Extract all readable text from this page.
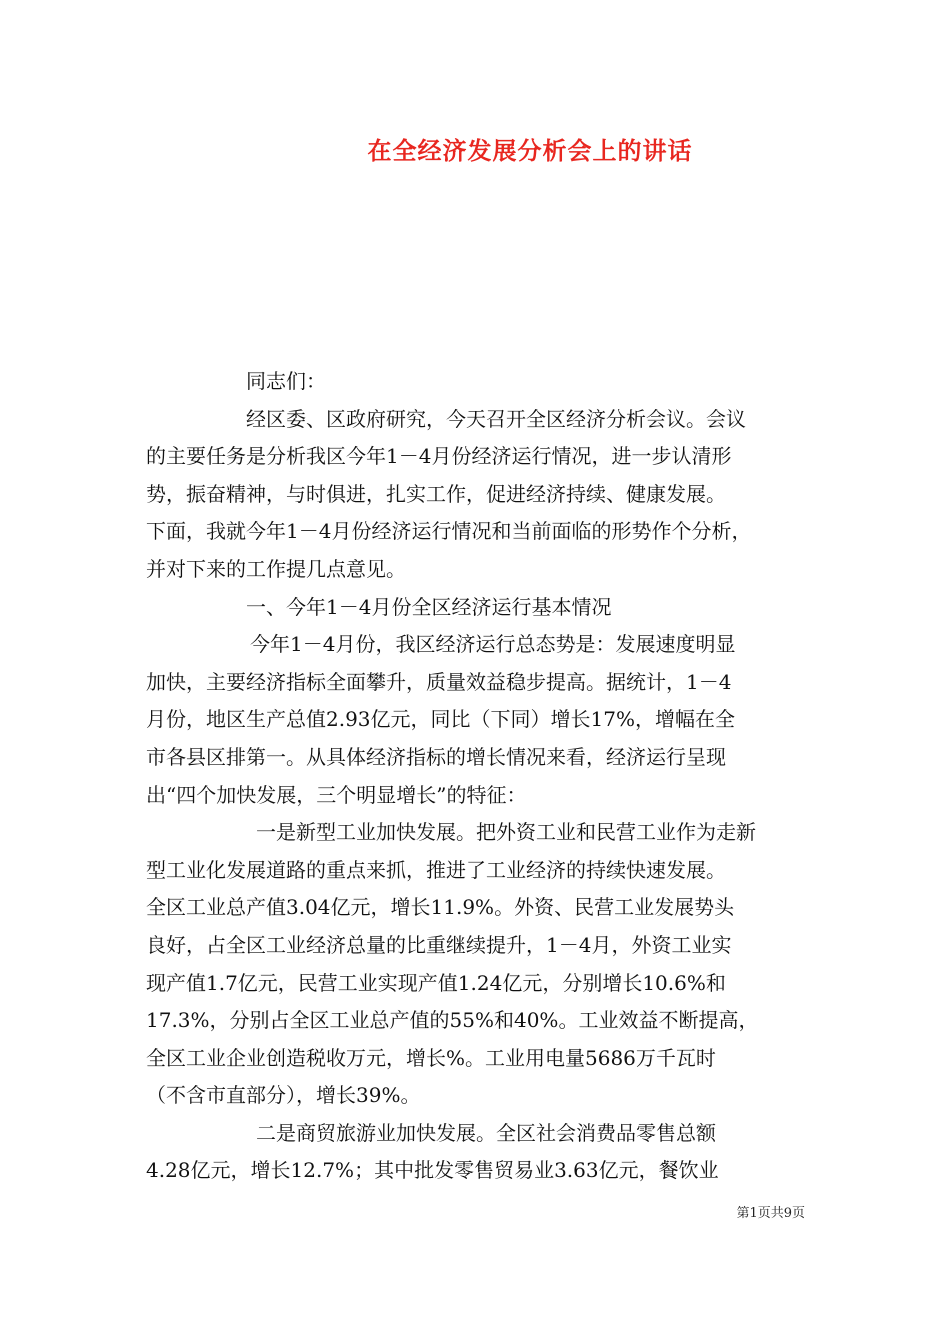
在全经济发展分析会上的讲话
同志们：
经区委、区政府研究，今天召开全区经济分析会议。会议
的主要任务是分析我区今年1－4月份经济运行情况，进一步认清形
势，振奋精神，与时俱进，扎实工作，促进经济持续、健康发展。
下面，我就今年1－4月份经济运行情况和当前面临的形势作个分析，
并对下来的工作提几点意见。
一、今年1－4月份全区经济运行基本情况
今年1－4月份，我区经济运行总态势是：发展速度明显
加快，主要经济指标全面攀升，质量效益稳步提高。据统计，1－4
月份，地区生产总值2.93亿元，同比（下同）增长17%，增幅在全
市各县区排第一。从具体经济指标的增长情况来看，经济运行呈现
出“四个加快发展，三个明显增长”的特征：
一是新型工业加快发展。把外资工业和民营工业作为走新
型工业化发展道路的重点来抓，推进了工业经济的持续快速发展。
全区工业总产值3.04亿元，增长11.9%。外资、民营工业发展势头
良好，占全区工业经济总量的比重继续提升，1－4月，外资工业实
现产值1.7亿元，民营工业实现产值1.24亿元，分别增长10.6%和
17.3%，分别占全区工业总产值的55%和40%。工业效益不断提高，
全区工业企业创造税收万元，增长%。工业用电量5686万千瓦时
（不含市直部分），增长39%。
二是商贸旅游业加快发展。全区社会消费品零售总额
4.28亿元，增长12.7%；其中批发零售贸易业3.63亿元，餐饮业
第1页共9页
